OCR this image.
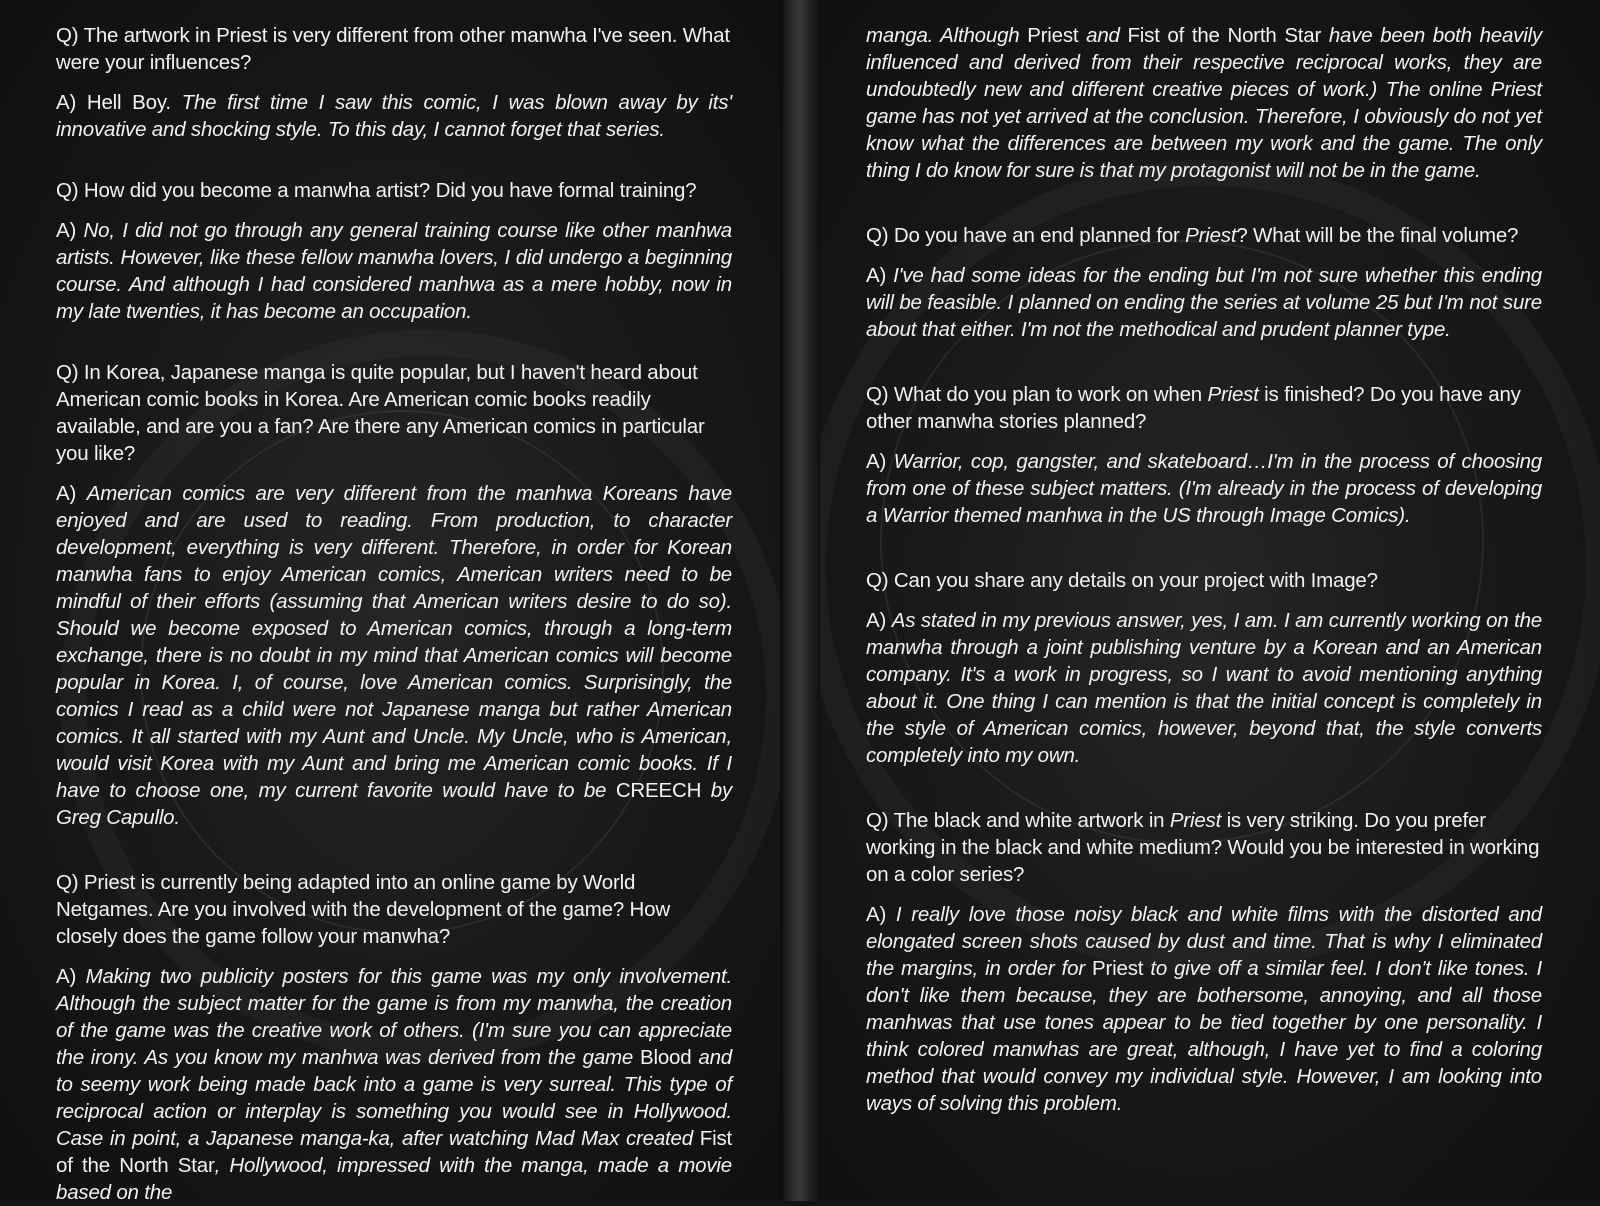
Q) The artwork in Priest is very different from other manwha I've seen. What were your influences?

A) Hell Boy. The first time I saw this comic, I was blown away by its' innovative and shocking style. To this day, I cannot forget that series.

Q) How did you become a manwha artist? Did you have formal training?

A) No, I did not go through any general training course like other manhwa artists. However, like these fellow manwha lovers, I did undergo a beginning course. And although I had considered manhwa as a mere hobby, now in my late twenties, it has become an occupation.

Q) In Korea, Japanese manga is quite popular, but I haven't heard about American comic books in Korea. Are American comic books readily available, and are you a fan? Are there any American comics in particular you like?

A) American comics are very different from the manhwa Koreans have enjoyed and are used to reading. From production, to character development, everything is very different. Therefore, in order for Korean manwha fans to enjoy American comics, American writers need to be mindful of their efforts (assuming that American writers desire to do so). Should we become exposed to American comics, through a long-term exchange, there is no doubt in my mind that American comics will become popular in Korea. I, of course, love American comics. Surprisingly, the comics I read as a child were not Japanese manga but rather American comics. It all started with my Aunt and Uncle. My Uncle, who is American, would visit Korea with my Aunt and bring me American comic books. If I have to choose one, my current favorite would have to be CREECH by Greg Capullo.

Q) Priest is currently being adapted into an online game by World Netgames. Are you involved with the development of the game? How closely does the game follow your manwha?

A) Making two publicity posters for this game was my only involvement. Although the subject matter for the game is from my manwha, the creation of the game was the creative work of others. (I'm sure you can appreciate the irony. As you know my manhwa was derived from the game Blood and to seemy work being made back into a game is very surreal. This type of reciprocal action or interplay is something you would see in Hollywood. Case in point, a Japanese manga-ka, after watching Mad Max created Fist of the North Star, Hollywood, impressed with the manga, made a movie based on the

manga. Although Priest and Fist of the North Star have been both heavily influenced and derived from their respective reciprocal works, they are undoubtedly new and different creative pieces of work.) The online Priest game has not yet arrived at the conclusion. Therefore, I obviously do not yet know what the differences are between my work and the game. The only thing I do know for sure is that my protagonist will not be in the game.

Q) Do you have an end planned for Priest? What will be the final volume?

A) I've had some ideas for the ending but I'm not sure whether this ending will be feasible. I planned on ending the series at volume 25 but I'm not sure about that either. I'm not the methodical and prudent planner type.

Q) What do you plan to work on when Priest is finished? Do you have any other manwha stories planned?

A) Warrior, cop, gangster, and skateboard…I'm in the process of choosing from one of these subject matters. (I'm already in the process of developing a Warrior themed manhwa in the US through Image Comics).

Q) Can you share any details on your project with Image?

A) As stated in my previous answer, yes, I am. I am currently working on the manwha through a joint publishing venture by a Korean and an American company. It's a work in progress, so I want to avoid mentioning anything about it. One thing I can mention is that the initial concept is completely in the style of American comics, however, beyond that, the style converts completely into my own.

Q) The black and white artwork in Priest is very striking. Do you prefer working in the black and white medium? Would you be interested in working on a color series?

A) I really love those noisy black and white films with the distorted and elongated screen shots caused by dust and time. That is why I eliminated the margins, in order for Priest to give off a similar feel. I don't like tones. I don't like them because, they are bothersome, annoying, and all those manhwas that use tones appear to be tied together by one personality. I think colored manwhas are great, although, I have yet to find a coloring method that would convey my individual style. However, I am looking into ways of solving this problem.
